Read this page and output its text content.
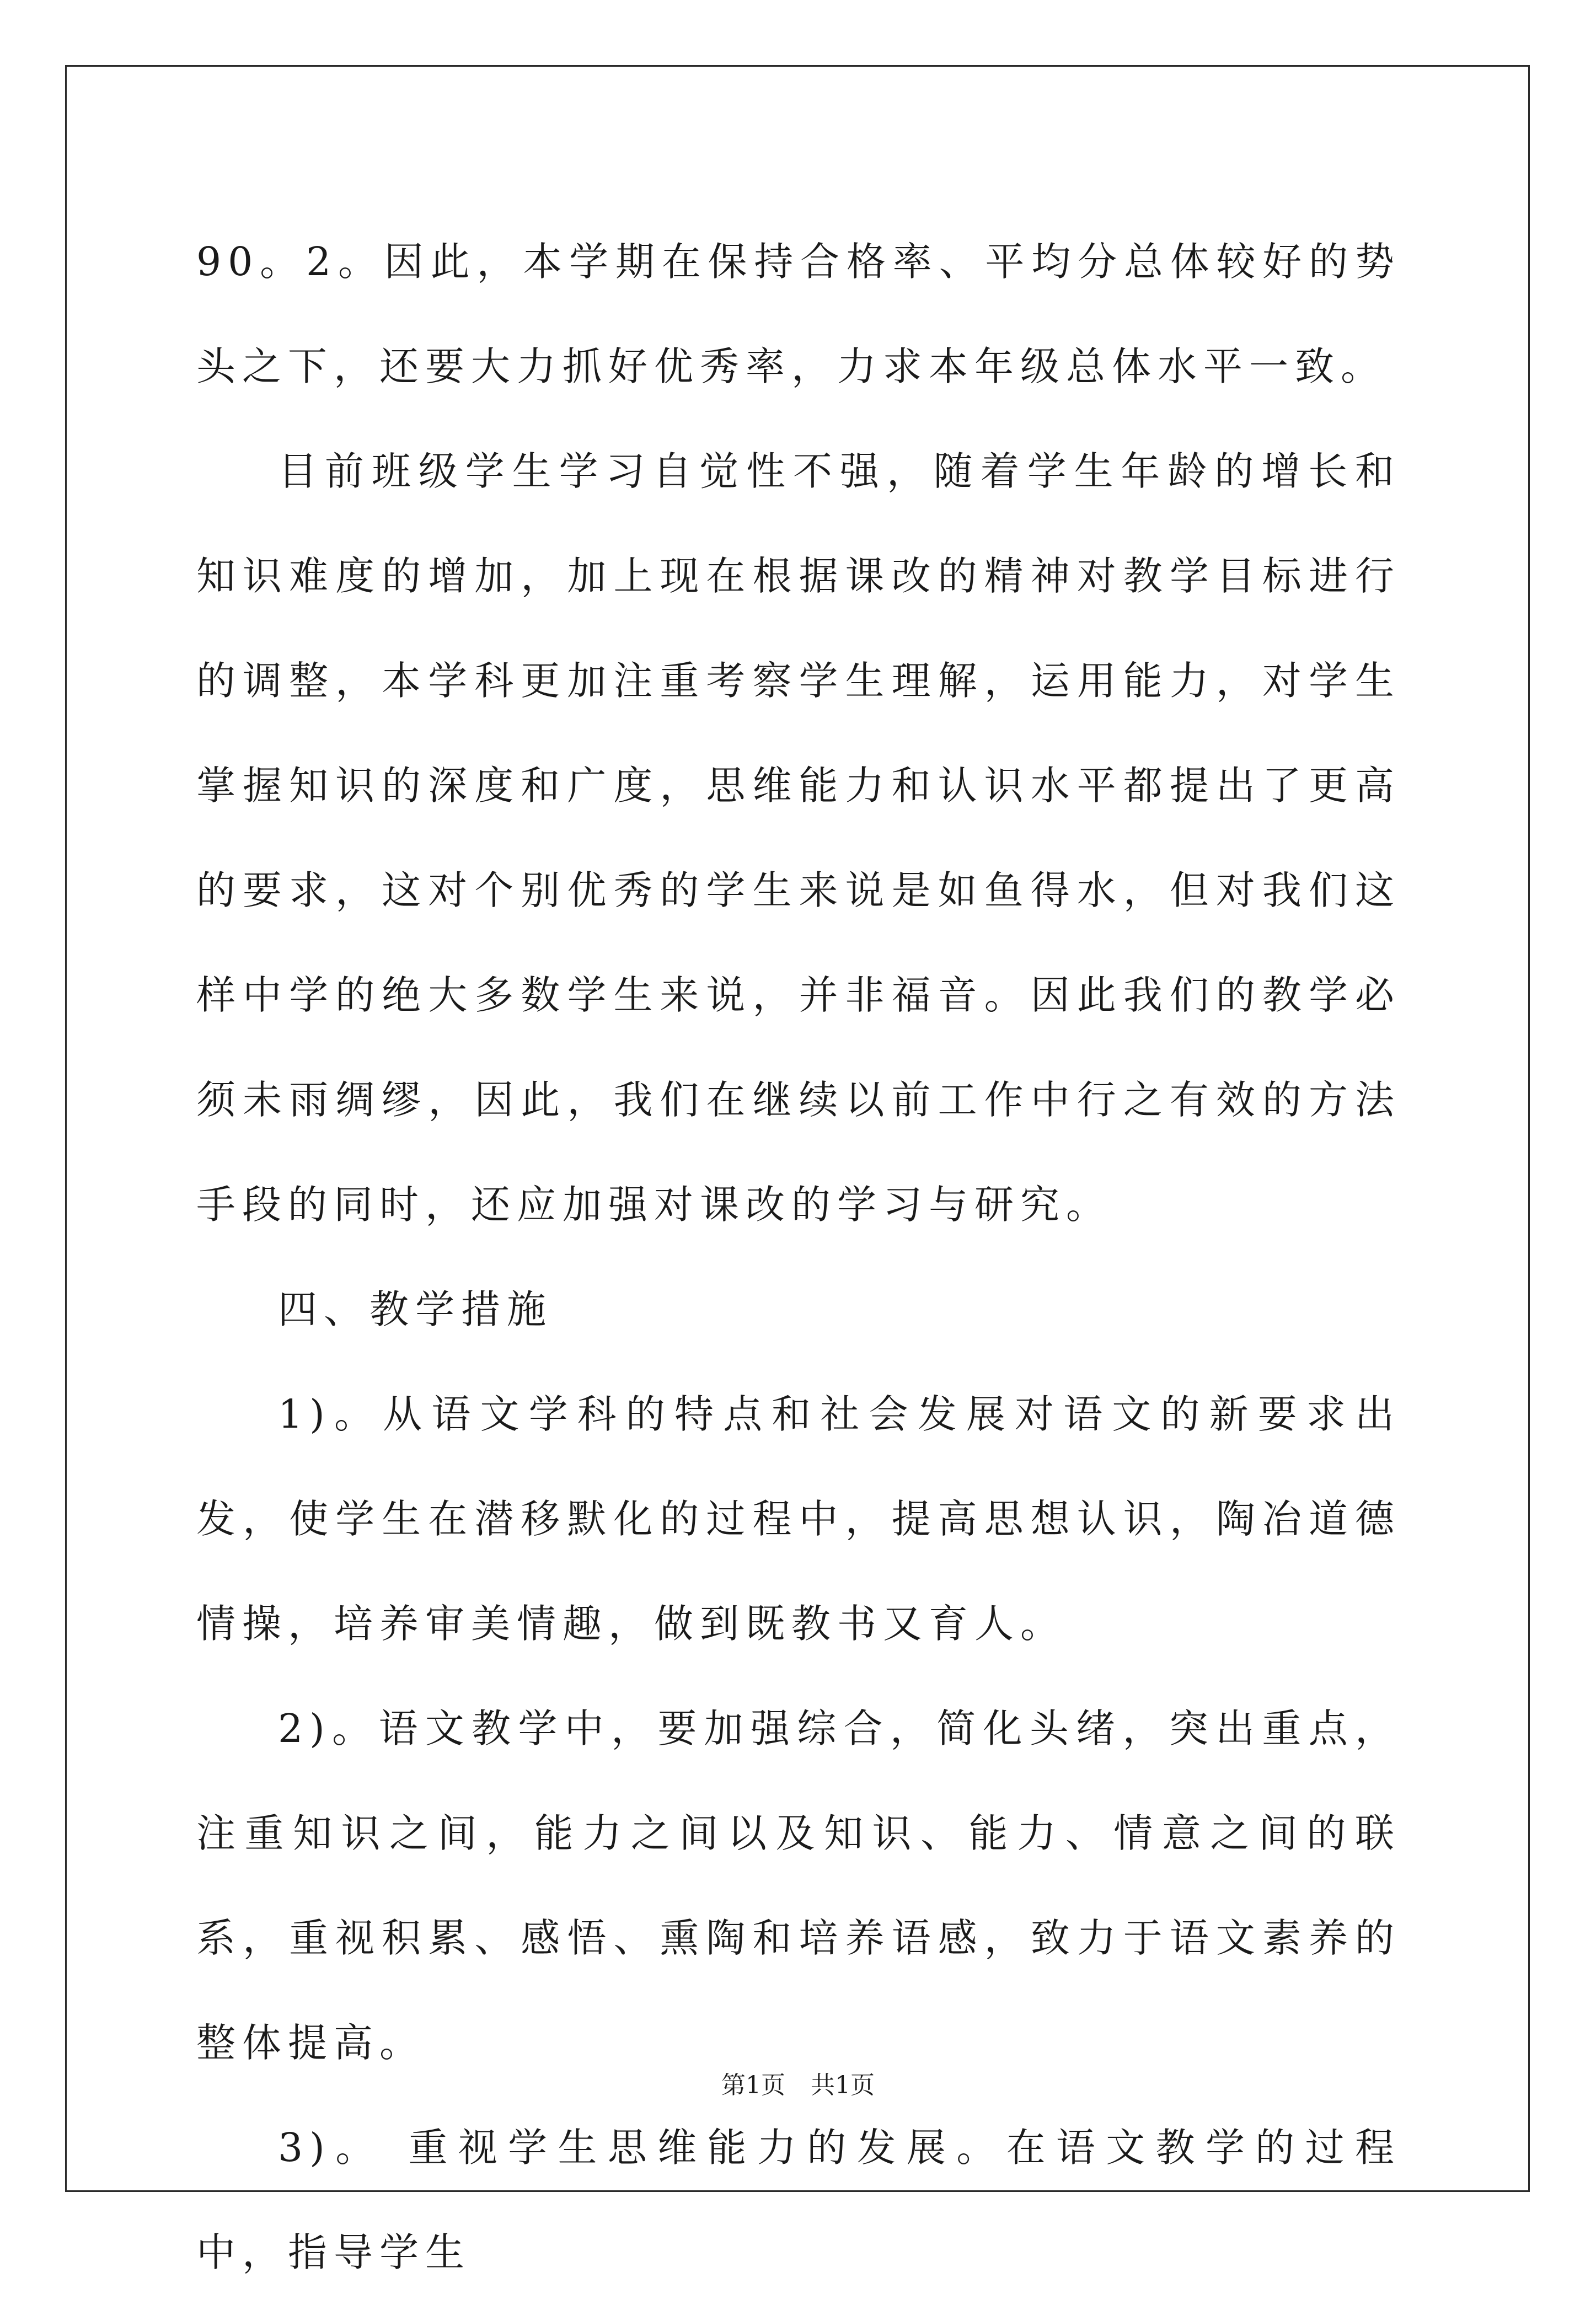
90。2。因此，本学期在保持合格率、平均分总体较好的势头之下，还要大力抓好优秀率，力求本年级总体水平一致。

目前班级学生学习自觉性不强，随着学生年龄的增长和知识难度的增加，加上现在根据课改的精神对教学目标进行的调整，本学科更加注重考察学生理解，运用能力，对学生掌握知识的深度和广度，思维能力和认识水平都提出了更高的要求，这对个别优秀的学生来说是如鱼得水，但对我们这样中学的绝大多数学生来说，并非福音。因此我们的教学必须未雨绸缪，因此，我们在继续以前工作中行之有效的方法手段的同时，还应加强对课改的学习与研究。

四、教学措施

1)。从语文学科的特点和社会发展对语文的新要求出发，使学生在潜移默化的过程中，提高思想认识，陶冶道德情操，培养审美情趣，做到既教书又育人。

2)。语文教学中，要加强综合，简化头绪，突出重点，注重知识之间，能力之间以及知识、能力、情意之间的联系，重视积累、感悟、熏陶和培养语感，致力于语文素养的整体提高。

3)。 重视学生思维能力的发展。在语文教学的过程中，指导学生

第1页 共1页
